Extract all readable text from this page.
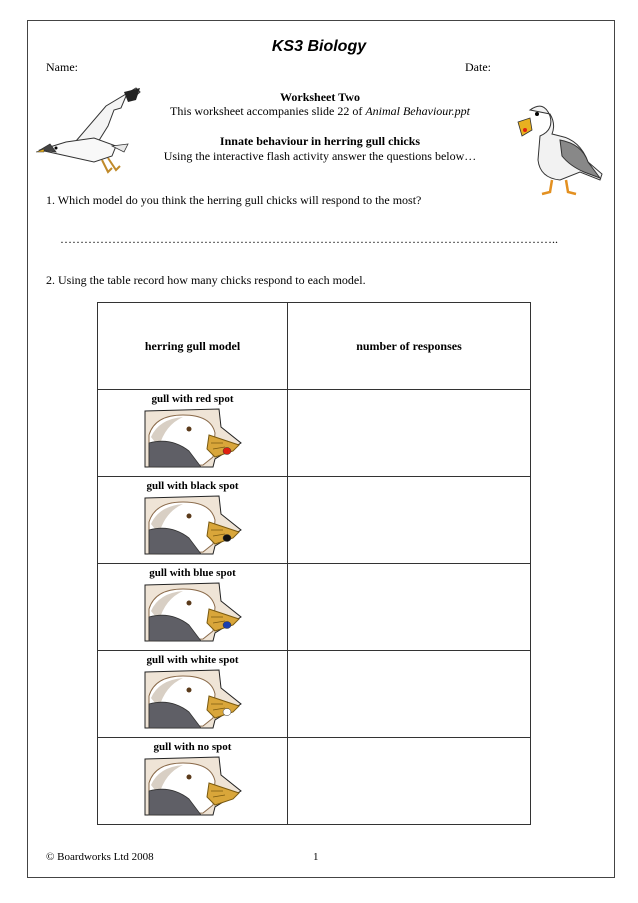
KS3 Biology
Name:	Date:
Worksheet Two
This worksheet accompanies slide 22 of Animal Behaviour.ppt
Innate behaviour in herring gull chicks
Using the interactive flash activity answer the questions below…
1. Which model do you think the herring gull chicks will respond to the most?
……………………………………………………………………………………………………………..
2. Using the table record how many chicks respond to each model.
herring gull model	number of responses

gull with red spot	

gull with black spot	

gull with blue spot	

gull with white spot	

gull with no spot	

© Boardworks Ltd 2008	1
